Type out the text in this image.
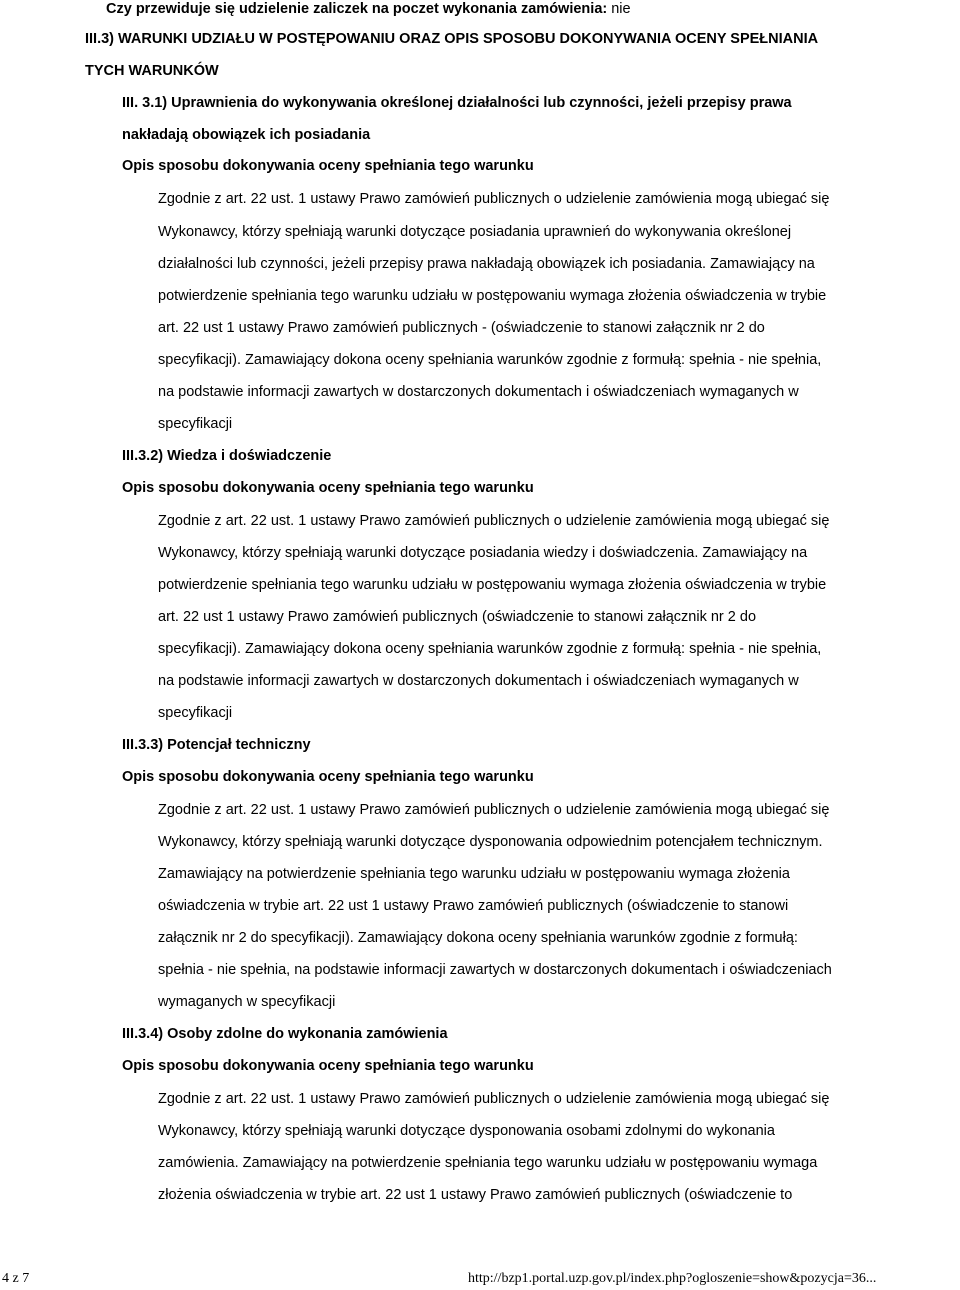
Czy przewiduje się udzielenie zaliczek na poczet wykonania zamówienia: nie
III.3) WARUNKI UDZIAŁU W POSTĘPOWANIU ORAZ OPIS SPOSOBU DOKONYWANIA OCENY SPEŁNIANIA
TYCH WARUNKÓW
III. 3.1) Uprawnienia do wykonywania określonej działalności lub czynności, jeżeli przepisy prawa
nakładają obowiązek ich posiadania
Opis sposobu dokonywania oceny spełniania tego warunku
Zgodnie z art. 22 ust. 1 ustawy Prawo zamówień publicznych o udzielenie zamówienia mogą ubiegać się
Wykonawcy, którzy spełniają warunki dotyczące posiadania uprawnień do wykonywania określonej
działalności lub czynności, jeżeli przepisy prawa nakładają obowiązek ich posiadania. Zamawiający na
potwierdzenie spełniania tego warunku udziału w postępowaniu wymaga złożenia oświadczenia w trybie
art. 22 ust 1 ustawy Prawo zamówień publicznych - (oświadczenie to stanowi załącznik nr 2 do
specyfikacji). Zamawiający dokona oceny spełniania warunków zgodnie z formułą: spełnia - nie spełnia,
na podstawie informacji zawartych w dostarczonych dokumentach i oświadczeniach wymaganych w
specyfikacji
III.3.2) Wiedza i doświadczenie
Opis sposobu dokonywania oceny spełniania tego warunku
Zgodnie z art. 22 ust. 1 ustawy Prawo zamówień publicznych o udzielenie zamówienia mogą ubiegać się
Wykonawcy, którzy spełniają warunki dotyczące posiadania wiedzy i doświadczenia. Zamawiający na
potwierdzenie spełniania tego warunku udziału w postępowaniu wymaga złożenia oświadczenia w trybie
art. 22 ust 1 ustawy Prawo zamówień publicznych (oświadczenie to stanowi załącznik nr 2 do
specyfikacji). Zamawiający dokona oceny spełniania warunków zgodnie z formułą: spełnia - nie spełnia,
na podstawie informacji zawartych w dostarczonych dokumentach i oświadczeniach wymaganych w
specyfikacji
III.3.3) Potencjał techniczny
Opis sposobu dokonywania oceny spełniania tego warunku
Zgodnie z art. 22 ust. 1 ustawy Prawo zamówień publicznych o udzielenie zamówienia mogą ubiegać się
Wykonawcy, którzy spełniają warunki dotyczące dysponowania odpowiednim potencjałem technicznym.
Zamawiający na potwierdzenie spełniania tego warunku udziału w postępowaniu wymaga złożenia
oświadczenia w trybie art. 22 ust 1 ustawy Prawo zamówień publicznych (oświadczenie to stanowi
załącznik nr 2 do specyfikacji). Zamawiający dokona oceny spełniania warunków zgodnie z formułą:
spełnia - nie spełnia, na podstawie informacji zawartych w dostarczonych dokumentach i oświadczeniach
wymaganych w specyfikacji
III.3.4) Osoby zdolne do wykonania zamówienia
Opis sposobu dokonywania oceny spełniania tego warunku
Zgodnie z art. 22 ust. 1 ustawy Prawo zamówień publicznych o udzielenie zamówienia mogą ubiegać się
Wykonawcy, którzy spełniają warunki dotyczące dysponowania osobami zdolnymi do wykonania
zamówienia. Zamawiający na potwierdzenie spełniania tego warunku udziału w postępowaniu wymaga
złożenia oświadczenia w trybie art. 22 ust 1 ustawy Prawo zamówień publicznych (oświadczenie to
4 z 7	http://bzp1.portal.uzp.gov.pl/index.php?ogloszenie=show&pozycja=36...
